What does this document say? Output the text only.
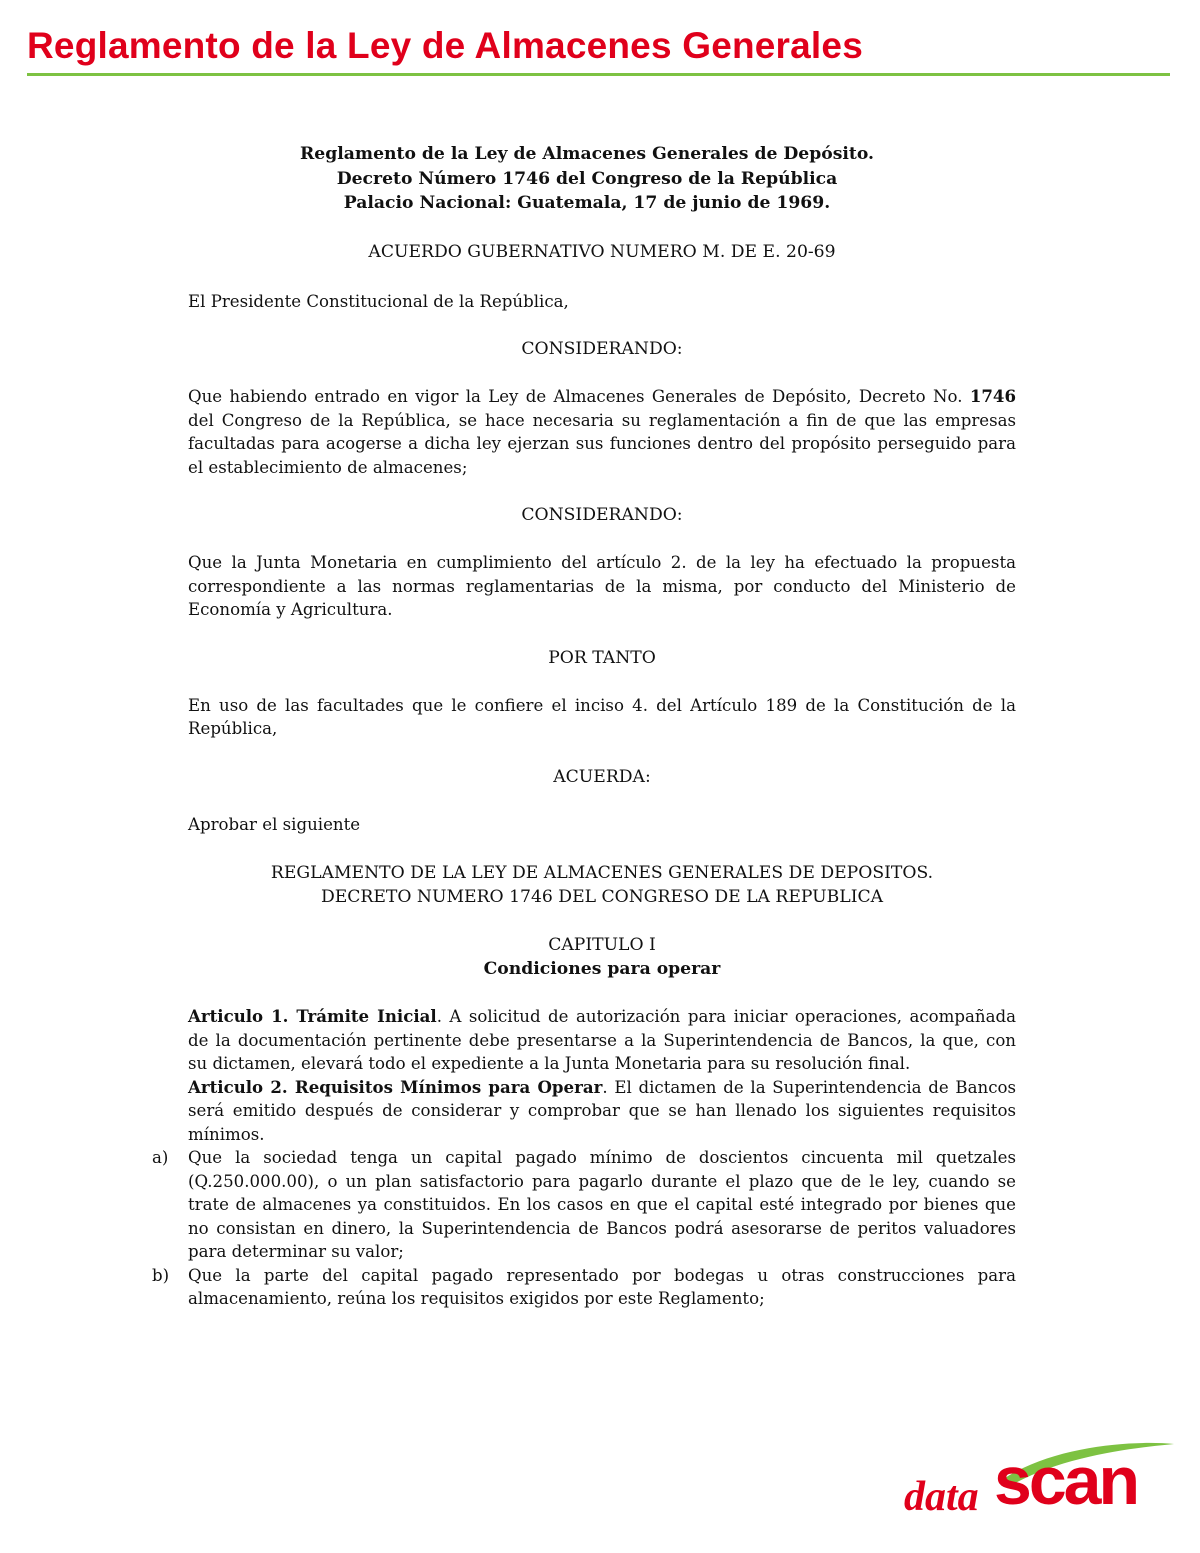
Reglamento de la Ley de Almacenes Generales
Reglamento de la Ley de Almacenes Generales de Depósito.
Decreto Número 1746 del Congreso de la República
Palacio Nacional: Guatemala, 17 de junio de 1969.
ACUERDO GUBERNATIVO NUMERO M. DE E. 20-69

El Presidente Constitucional de la República,

CONSIDERANDO:

Que habiendo entrado en vigor la Ley de Almacenes Generales de Depósito, Decreto No. 1746 del Congreso de la República, se hace necesaria su reglamentación a fin de que las empresas facultadas para acogerse a dicha ley ejerzan sus funciones dentro del propósito perseguido para el establecimiento de almacenes;

CONSIDERANDO:

Que la Junta Monetaria en cumplimiento del artículo 2. de la ley ha efectuado la propuesta correspondiente a las normas reglamentarias de la misma, por conducto del Ministerio de Economía y Agricultura.

POR TANTO

En uso de las facultades que le confiere el inciso 4. del Artículo 189 de la Constitución de la República,

ACUERDA:

Aprobar el siguiente

REGLAMENTO DE LA LEY DE ALMACENES GENERALES DE DEPOSITOS.
DECRETO NUMERO 1746 DEL CONGRESO DE LA REPUBLICA
CAPITULO I
Condiciones para operar

Articulo 1. Trámite Inicial. A solicitud de autorización para iniciar operaciones, acompañada de la documentación pertinente debe presentarse a la Superintendencia de Bancos, la que, con su dictamen, elevará todo el expediente a la Junta Monetaria para su resolución final.

Articulo 2. Requisitos Mínimos para Operar. El dictamen de la Superintendencia de Bancos será emitido después de considerar y comprobar que se han llenado los siguientes requisitos mínimos.

a) Que la sociedad tenga un capital pagado mínimo de doscientos cincuenta mil quetzales (Q.250.000.00), o un plan satisfactorio para pagarlo durante el plazo que de le ley, cuando se trate de almacenes ya constituidos. En los casos en que el capital esté integrado por bienes que no consistan en dinero, la Superintendencia de Bancos podrá asesorarse de peritos valuadores para determinar su valor;
b) Que la parte del capital pagado representado por bodegas u otras construcciones para almacenamiento, reúna los requisitos exigidos por este Reglamento;
data scan
